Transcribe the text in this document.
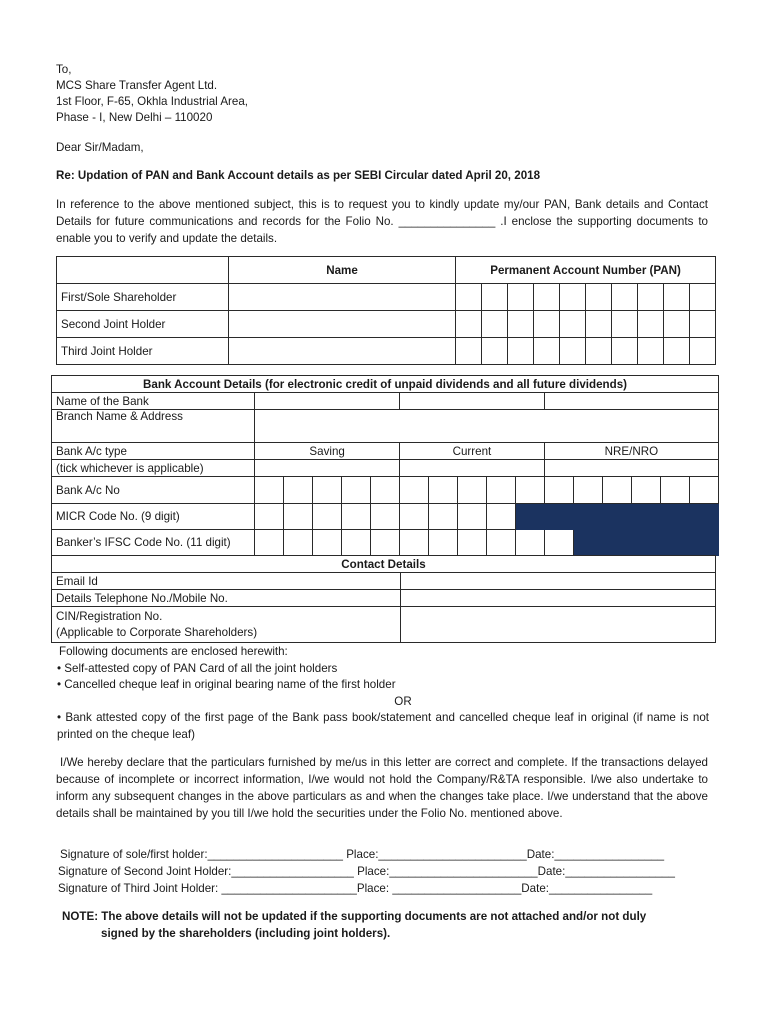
To,
MCS Share Transfer Agent Ltd.
1st Floor, F-65, Okhla Industrial Area,
Phase - I, New Delhi – 110020
Dear Sir/Madam,
Re: Updation of PAN and Bank Account details as per SEBI Circular dated April 20, 2018
In reference to the above mentioned subject, this is to request you to kindly update my/our PAN, Bank details and Contact Details for future communications and records for the Folio No. _______________ .I enclose the supporting documents to enable you to verify and update the details.
	Name	Permanent Account Number (PAN)									
First/Sole Shareholder											
Second Joint Holder											
Third Joint Holder											
Bank Account Details (for electronic credit of unpaid dividends and all future dividends)																
Name of the Bank																
Branch Name & Address																
Bank A/c type	Saving					Current					NRE/NRO					
(tick whichever is applicable)																
Bank A/c No																
MICR Code No. (9 digit)																
Banker’s IFSC Code No. (11 digit)																
Contact Details	
Email Id	
Details Telephone No./Mobile No.	

CIN/Registration No.
(Applicable to Corporate Shareholders)	

Following documents are enclosed herewith:
• Self-attested copy of PAN Card of all the joint holders
• Cancelled cheque leaf in original bearing name of the first holder
OR
• Bank attested copy of the first page of the Bank pass book/statement and cancelled cheque leaf in original (if name is not printed on the cheque leaf)
I/We hereby declare that the particulars furnished by me/us in this letter are correct and complete. If the transactions delayed because of incomplete or incorrect information, I/we would not hold the Company/R&TA responsible. I/we also undertake to inform any subsequent changes in the above particulars as and when the changes take place. I/we understand that the above details shall be maintained by you till I/we hold the securities under the Folio No. mentioned above.
Signature of sole/first holder:_____________________ Place:_______________________Date:_________________
Signature of Second Joint Holder:___________________ Place:_______________________Date:_________________
Signature of Third Joint Holder: _____________________Place: ____________________Date:________________
NOTE: The above details will not be updated if the supporting documents are not attached and/or not duly
signed by the shareholders (including joint holders).
